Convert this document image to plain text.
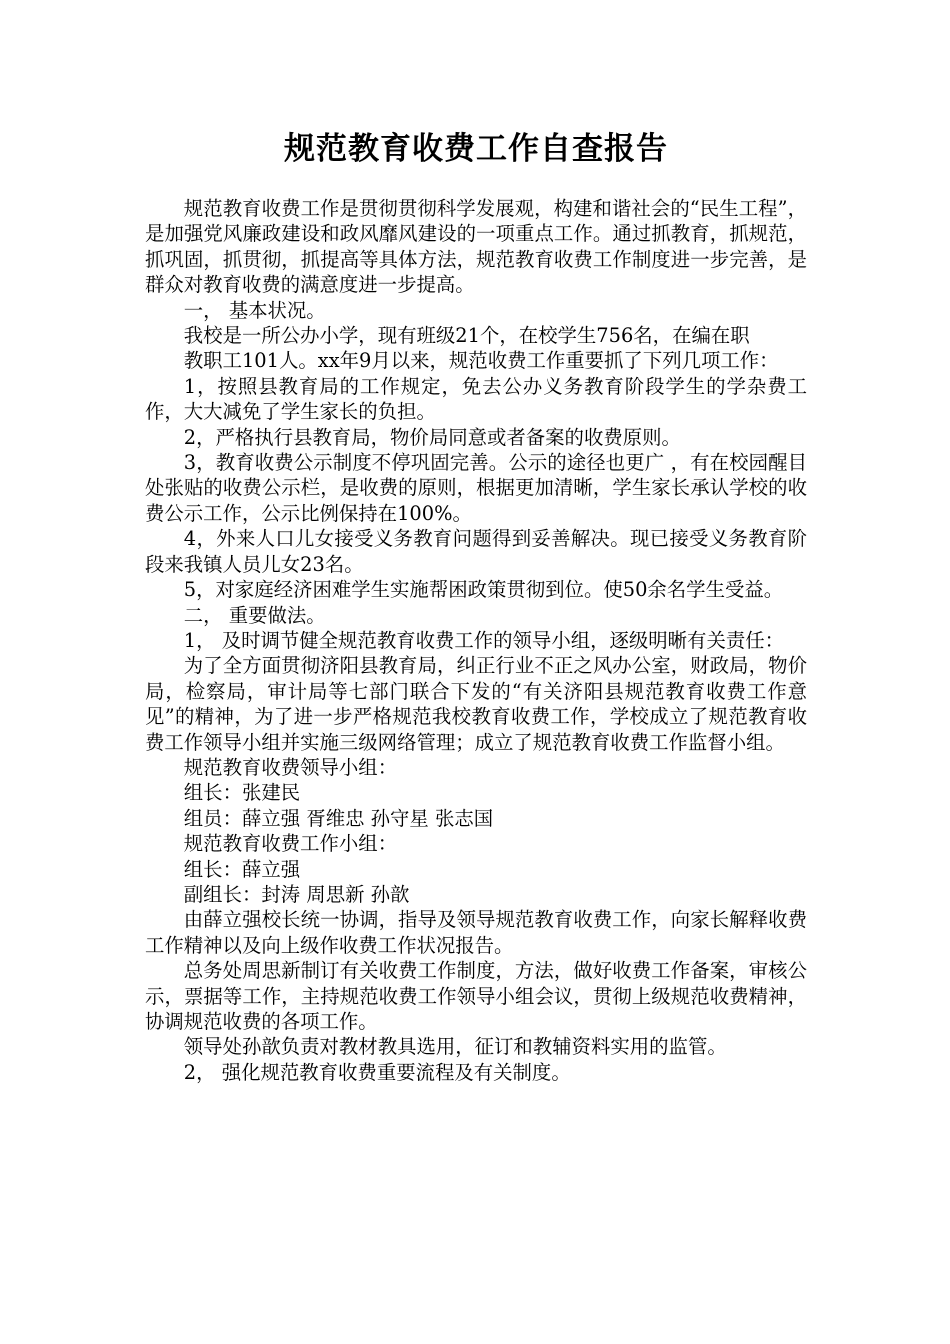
规范教育收费工作自查报告

规范教育收费工作是贯彻贯彻科学发展观，构建和谐社会的“民生工程”，是加强党风廉政建设和政风靡风建设的一项重点工作。通过抓教育，抓规范，抓巩固，抓贯彻，抓提高等具体方法，规范教育收费工作制度进一步完善，是群众对教育收费的满意度进一步提高。

一， 基本状况。

我校是一所公办小学，现有班级21个，在校学生756名，在编在职

教职工101人。xx年9月以来，规范收费工作重要抓了下列几项工作：

1，按照县教育局的工作规定，免去公办义务教育阶段学生的学杂费工作，大大减免了学生家长的负担。

2，严格执行县教育局，物价局同意或者备案的收费原则。

3，教育收费公示制度不停巩固完善。公示的途径也更广 ，有在校园醒目处张贴的收费公示栏，是收费的原则，根据更加清晰，学生家长承认学校的收费公示工作，公示比例保持在100%。

4，外来人口儿女接受义务教育问题得到妥善解决。现已接受义务教育阶段来我镇人员儿女23名。

5，对家庭经济困难学生实施帮困政策贯彻到位。使50余名学生受益。

二， 重要做法。

1， 及时调节健全规范教育收费工作的领导小组，逐级明晰有关责任：

为了全方面贯彻济阳县教育局，纠正行业不正之风办公室，财政局，物价局，检察局，审计局等七部门联合下发的“有关济阳县规范教育收费工作意见”的精神，为了进一步严格规范我校教育收费工作，学校成立了规范教育收费工作领导小组并实施三级网络管理；成立了规范教育收费工作监督小组。

规范教育收费领导小组：

组长：张建民

组员：薛立强 胥维忠 孙守星 张志国

规范教育收费工作小组：

组长：薛立强

副组长：封涛 周思新 孙歆

由薛立强校长统一协调，指导及领导规范教育收费工作，向家长解释收费工作精神以及向上级作收费工作状况报告。

总务处周思新制订有关收费工作制度，方法，做好收费工作备案，审核公示，票据等工作，主持规范收费工作领导小组会议，贯彻上级规范收费精神，协调规范收费的各项工作。

领导处孙歆负责对教材教具选用，征订和教辅资料实用的监管。

2， 强化规范教育收费重要流程及有关制度。
